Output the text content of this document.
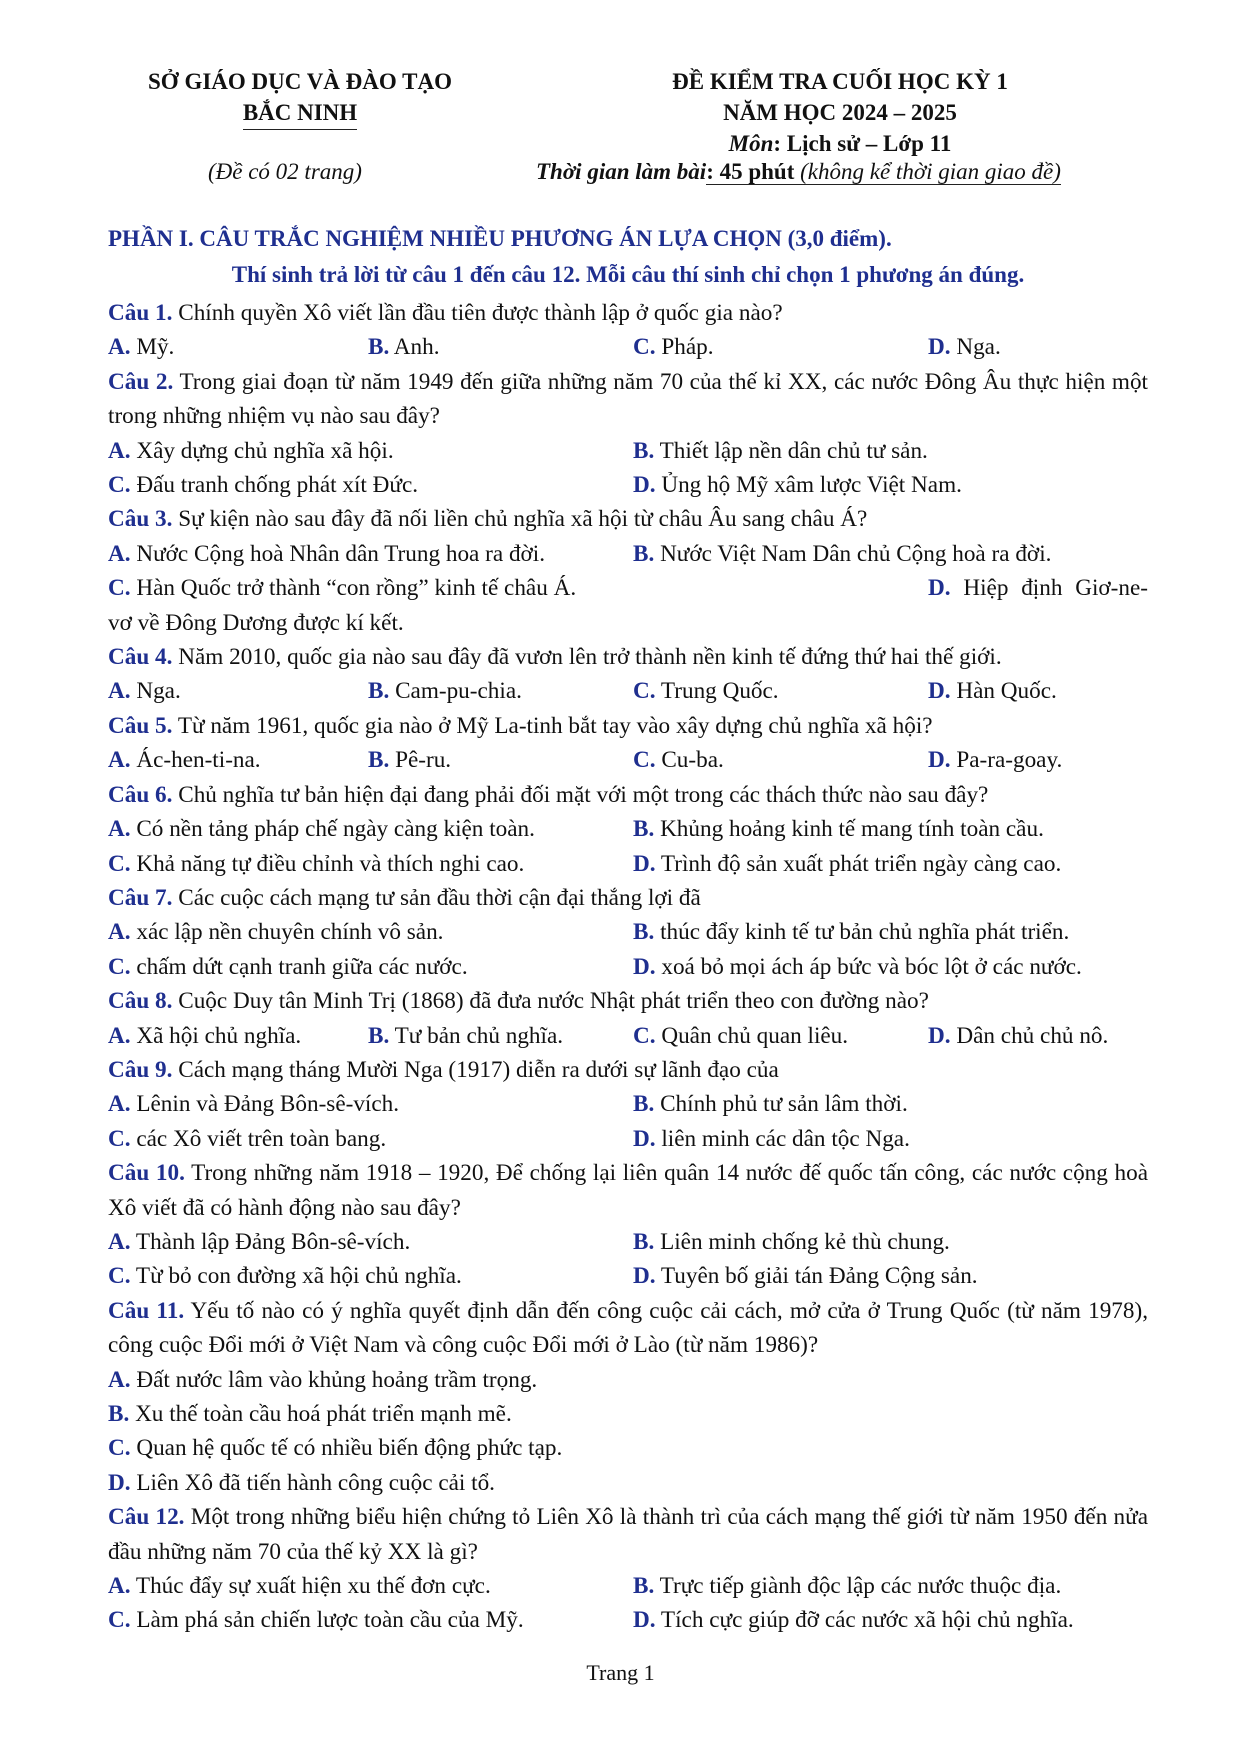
SỞ GIÁO DỤC VÀ ĐÀO TẠO
BẮC NINH
(Đề có 02 trang)
ĐỀ KIỂM TRA CUỐI HỌC KỲ 1
NĂM HỌC 2024 – 2025
Môn: Lịch sử – Lớp 11
Thời gian làm bài: 45 phút (không kể thời gian giao đề)
PHẦN I. CÂU TRẮC NGHIỆM NHIỀU PHƯƠNG ÁN LỰA CHỌN (3,0 điểm).
Thí sinh trả lời từ câu 1 đến câu 12. Mỗi câu thí sinh chỉ chọn 1 phương án đúng.
Câu 1. Chính quyền Xô viết lần đầu tiên được thành lập ở quốc gia nào?
A. Mỹ.	B. Anh.	C. Pháp.	D. Nga.
Câu 2. Trong giai đoạn từ năm 1949 đến giữa những năm 70 của thế kỉ XX, các nước Đông Âu thực hiện một trong những nhiệm vụ nào sau đây?
A. Xây dựng chủ nghĩa xã hội.	B. Thiết lập nền dân chủ tư sản.
C. Đấu tranh chống phát xít Đức.	D. Ủng hộ Mỹ xâm lược Việt Nam.
Câu 3. Sự kiện nào sau đây đã nối liền chủ nghĩa xã hội từ châu Âu sang châu Á?
A. Nước Cộng hoà Nhân dân Trung hoa ra đời.	B. Nước Việt Nam Dân chủ Cộng hoà ra đời.
C. Hàn Quốc trở thành “con rồng” kinh tế châu Á.	D. Hiệp định Giơ-ne-vơ về Đông Dương được kí kết.
Câu 4. Năm 2010, quốc gia nào sau đây đã vươn lên trở thành nền kinh tế đứng thứ hai thế giới.
A. Nga.	B. Cam-pu-chia.	C. Trung Quốc.	D. Hàn Quốc.
Câu 5. Từ năm 1961, quốc gia nào ở Mỹ La-tinh bắt tay vào xây dựng chủ nghĩa xã hội?
A. Ác-hen-ti-na.	B. Pê-ru.	C. Cu-ba.	D. Pa-ra-goay.
Câu 6. Chủ nghĩa tư bản hiện đại đang phải đối mặt với một trong các thách thức nào sau đây?
A. Có nền tảng pháp chế ngày càng kiện toàn.	B. Khủng hoảng kinh tế mang tính toàn cầu.
C. Khả năng tự điều chỉnh và thích nghi cao.	D. Trình độ sản xuất phát triển ngày càng cao.
Câu 7. Các cuộc cách mạng tư sản đầu thời cận đại thắng lợi đã
A. xác lập nền chuyên chính vô sản.	B. thúc đẩy kinh tế tư bản chủ nghĩa phát triển.
C. chấm dứt cạnh tranh giữa các nước.	D. xoá bỏ mọi ách áp bức và bóc lột ở các nước.
Câu 8. Cuộc Duy tân Minh Trị (1868) đã đưa nước Nhật phát triển theo con đường nào?
A. Xã hội chủ nghĩa.	B. Tư bản chủ nghĩa.	C. Quân chủ quan liêu.	D. Dân chủ chủ nô.
Câu 9. Cách mạng tháng Mười Nga (1917) diễn ra dưới sự lãnh đạo của
A. Lênin và Đảng Bôn-sê-vích.	B. Chính phủ tư sản lâm thời.
C. các Xô viết trên toàn bang.	D. liên minh các dân tộc Nga.
Câu 10. Trong những năm 1918 – 1920, Để chống lại liên quân 14 nước đế quốc tấn công, các nước cộng hoà Xô viết đã có hành động nào sau đây?
A. Thành lập Đảng Bôn-sê-vích.	B. Liên minh chống kẻ thù chung.
C. Từ bỏ con đường xã hội chủ nghĩa.	D. Tuyên bố giải tán Đảng Cộng sản.
Câu 11. Yếu tố nào có ý nghĩa quyết định dẫn đến công cuộc cải cách, mở cửa ở Trung Quốc (từ năm 1978), công cuộc Đổi mới ở Việt Nam và công cuộc Đổi mới ở Lào (từ năm 1986)?
A. Đất nước lâm vào khủng hoảng trầm trọng.
B. Xu thế toàn cầu hoá phát triển mạnh mẽ.
C. Quan hệ quốc tế có nhiều biến động phức tạp.
D. Liên Xô đã tiến hành công cuộc cải tổ.
Câu 12. Một trong những biểu hiện chứng tỏ Liên Xô là thành trì của cách mạng thế giới từ năm 1950 đến nửa đầu những năm 70 của thế kỷ XX là gì?
A. Thúc đẩy sự xuất hiện xu thế đơn cực.	B. Trực tiếp giành độc lập các nước thuộc địa.
C. Làm phá sản chiến lược toàn cầu của Mỹ.	D. Tích cực giúp đỡ các nước xã hội chủ nghĩa.
Trang 1
